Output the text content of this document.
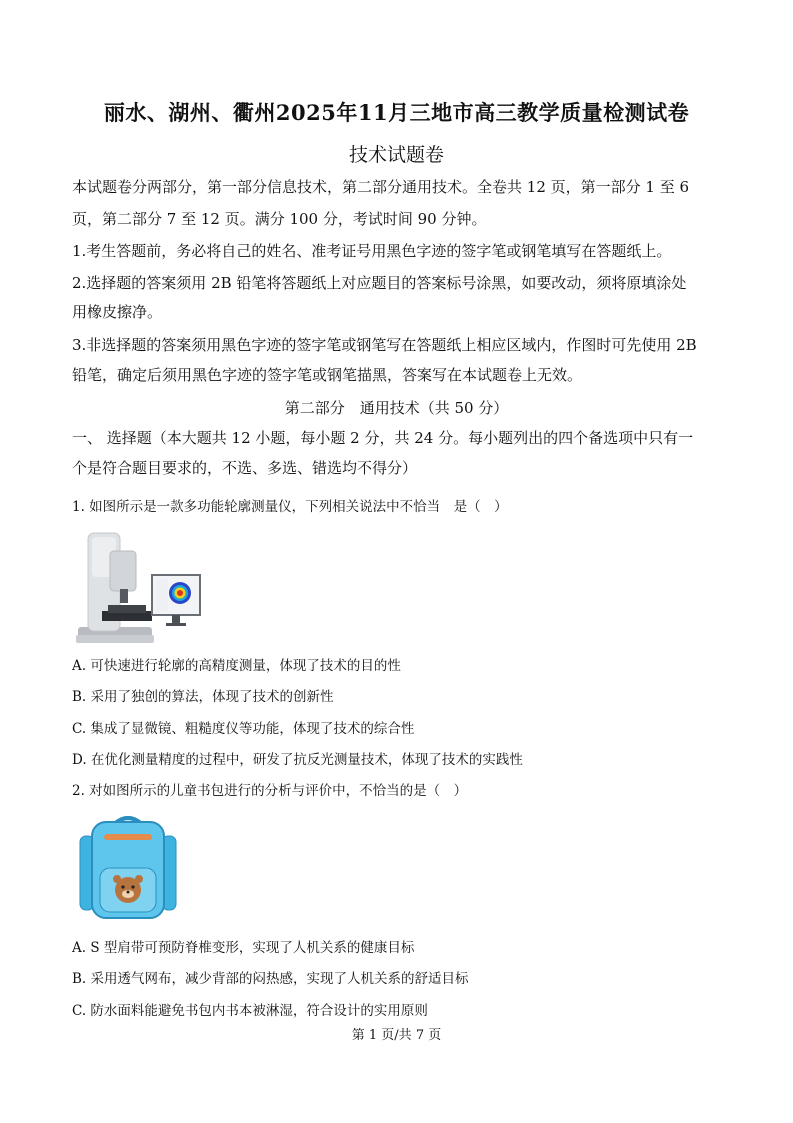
丽水、湖州、衢州2025年11月三地市高三教学质量检测试卷
技术试题卷
本试题卷分两部分，第一部分信息技术，第二部分通用技术。全卷共 12 页，第一部分 1 至 6
页，第二部分 7 至 12 页。满分 100 分，考试时间 90 分钟。
1.考生答题前，务必将自己的姓名、准考证号用黑色字迹的签字笔或钢笔填写在答题纸上。
2.选择题的答案须用 2B 铅笔将答题纸上对应题目的答案标号涂黑，如要改动，须将原填涂处
用橡皮擦净。
3.非选择题的答案须用黑色字迹的签字笔或钢笔写在答题纸上相应区域内，作图时可先使用 2B
铅笔，确定后须用黑色字迹的签字笔或钢笔描黑，答案写在本试题卷上无效。
第二部分　通用技术（共 50 分）
一、 选择题（本大题共 12 小题，每小题 2 分，共 24 分。每小题列出的四个备选项中只有一
个是符合题目要求的，不选、多选、错选均不得分）
1. 如图所示是一款多功能轮廓测量仪，下列相关说法中不恰当　是（　）
A. 可快速进行轮廓的高精度测量，体现了技术的目的性
B. 采用了独创的算法，体现了技术的创新性
C. 集成了显微镜、粗糙度仪等功能，体现了技术的综合性
D. 在优化测量精度的过程中，研发了抗反光测量技术，体现了技术的实践性
2. 对如图所示的儿童书包进行的分析与评价中，不恰当的是（　）
A. S 型肩带可预防脊椎变形，实现了人机关系的健康目标
B. 采用透气网布，减少背部的闷热感，实现了人机关系的舒适目标
C. 防水面料能避免书包内书本被淋湿，符合设计的实用原则
第 1 页/共 7 页
